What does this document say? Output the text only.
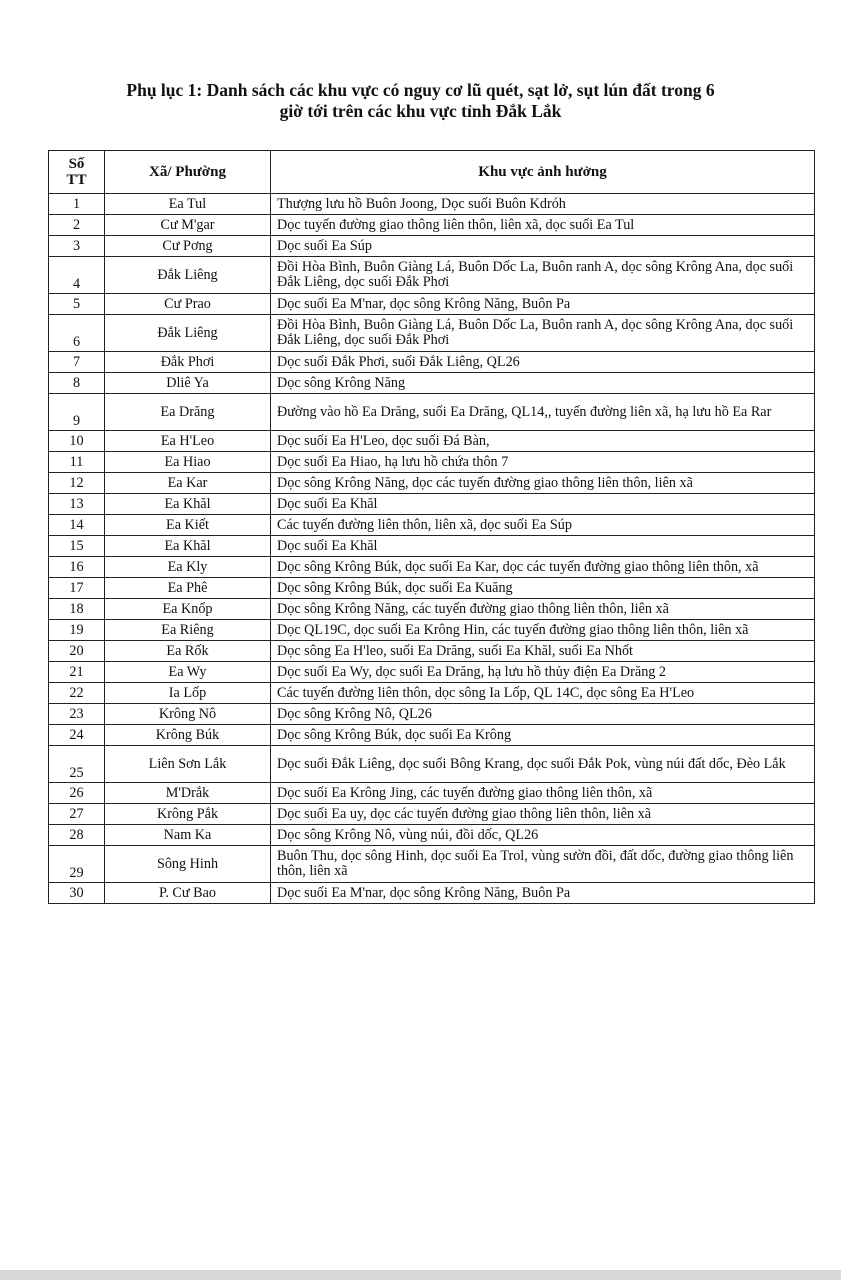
Phụ lục 1: Danh sách các khu vực có nguy cơ lũ quét, sạt lở, sụt lún đất trong 6
giờ tới trên các khu vực tỉnh Đắk Lắk
Số
TT	Xã/ Phường	Khu vực ảnh hưởng
1	Ea Tul	Thượng lưu hồ Buôn Joong, Dọc suối Buôn Kdróh
2	Cư M'gar	Dọc tuyến đường giao thông liên thôn, liên xã, dọc suối Ea Tul
3	Cư Pơng	Dọc suối Ea Súp
4	Đắk Liêng	Đồi Hòa Bình, Buôn Giàng Lá, Buôn Dốc La, Buôn ranh A, dọc sông Krông Ana, dọc suối Đắk Liêng, dọc suối Đắk Phơi
5	Cư Prao	Dọc suối Ea M'nar, dọc sông Krông Năng, Buôn Pa
6	Đắk Liêng	Đồi Hòa Bình, Buôn Giàng Lá, Buôn Dốc La, Buôn ranh A, dọc sông Krông Ana, dọc suối Đắk Liêng, dọc suối Đắk Phơi
7	Đắk Phơi	Dọc suối Đắk Phơi, suối Đắk Liêng, QL26
8	Dliê Ya	Dọc sông Krông Năng
9	Ea Drăng	Đường vào hồ Ea Drăng, suối Ea Drăng, QL14,, tuyến đường liên xã, hạ lưu hồ Ea Rar
10	Ea H'Leo	Dọc suối Ea H'Leo, dọc suối Đá Bàn,
11	Ea Hiao	Dọc suối Ea Hiao, hạ lưu hồ chứa thôn 7
12	Ea Kar	Dọc sông Krông Năng, dọc các tuyến đường giao thông liên thôn, liên xã
13	Ea Khăl	Dọc suối Ea Khăl
14	Ea Kiết	Các tuyến đường liên thôn, liên xã, dọc suối Ea Súp
15	Ea Khăl	Dọc suối Ea Khăl
16	Ea Kly	Dọc sông Krông Búk, dọc suối Ea Kar, dọc các tuyến đường giao thông liên thôn, xã
17	Ea Phê	Dọc sông Krông Búk, dọc suối Ea Kuăng
18	Ea Knốp	Dọc sông Krông Năng, các tuyến đường giao thông liên thôn, liên xã
19	Ea Riêng	Dọc QL19C, dọc suối Ea Krông Hin, các tuyến đường giao thông liên thôn, liên xã
20	Ea Rốk	Dọc sông Ea H'leo, suối Ea Drăng, suối Ea Khăl, suối Ea Nhốt
21	Ea Wy	Dọc suối Ea Wy, dọc suối Ea Drăng, hạ lưu hồ thủy điện Ea Drăng 2
22	Ia Lốp	Các tuyến đường liên thôn, dọc sông Ia Lốp, QL 14C, dọc sông Ea H'Leo
23	Krông Nô	Dọc sông Krông Nô, QL26
24	Krông Búk	Dọc sông Krông Búk, dọc suối Ea Krông
25	Liên Sơn Lắk	Dọc suối Đắk Liêng, dọc suối Bông Krang, dọc suối Đắk Pok, vùng núi đất dốc, Đèo Lắk
26	M'Drắk	Dọc suối Ea Krông Jing, các tuyến đường giao thông liên thôn, xã
27	Krông Pắk	Dọc suối Ea uy, dọc các tuyến đường giao thông liên thôn, liên xã
28	Nam Ka	Dọc sông Krông Nô, vùng núi, đồi dốc, QL26
29	Sông Hinh	Buôn Thu, dọc sông Hinh, dọc suối Ea Trol, vùng sườn đồi, đất dốc, đường giao thông liên thôn, liên xã
30	P. Cư Bao	Dọc suối Ea M'nar, dọc sông Krông Năng, Buôn Pa
